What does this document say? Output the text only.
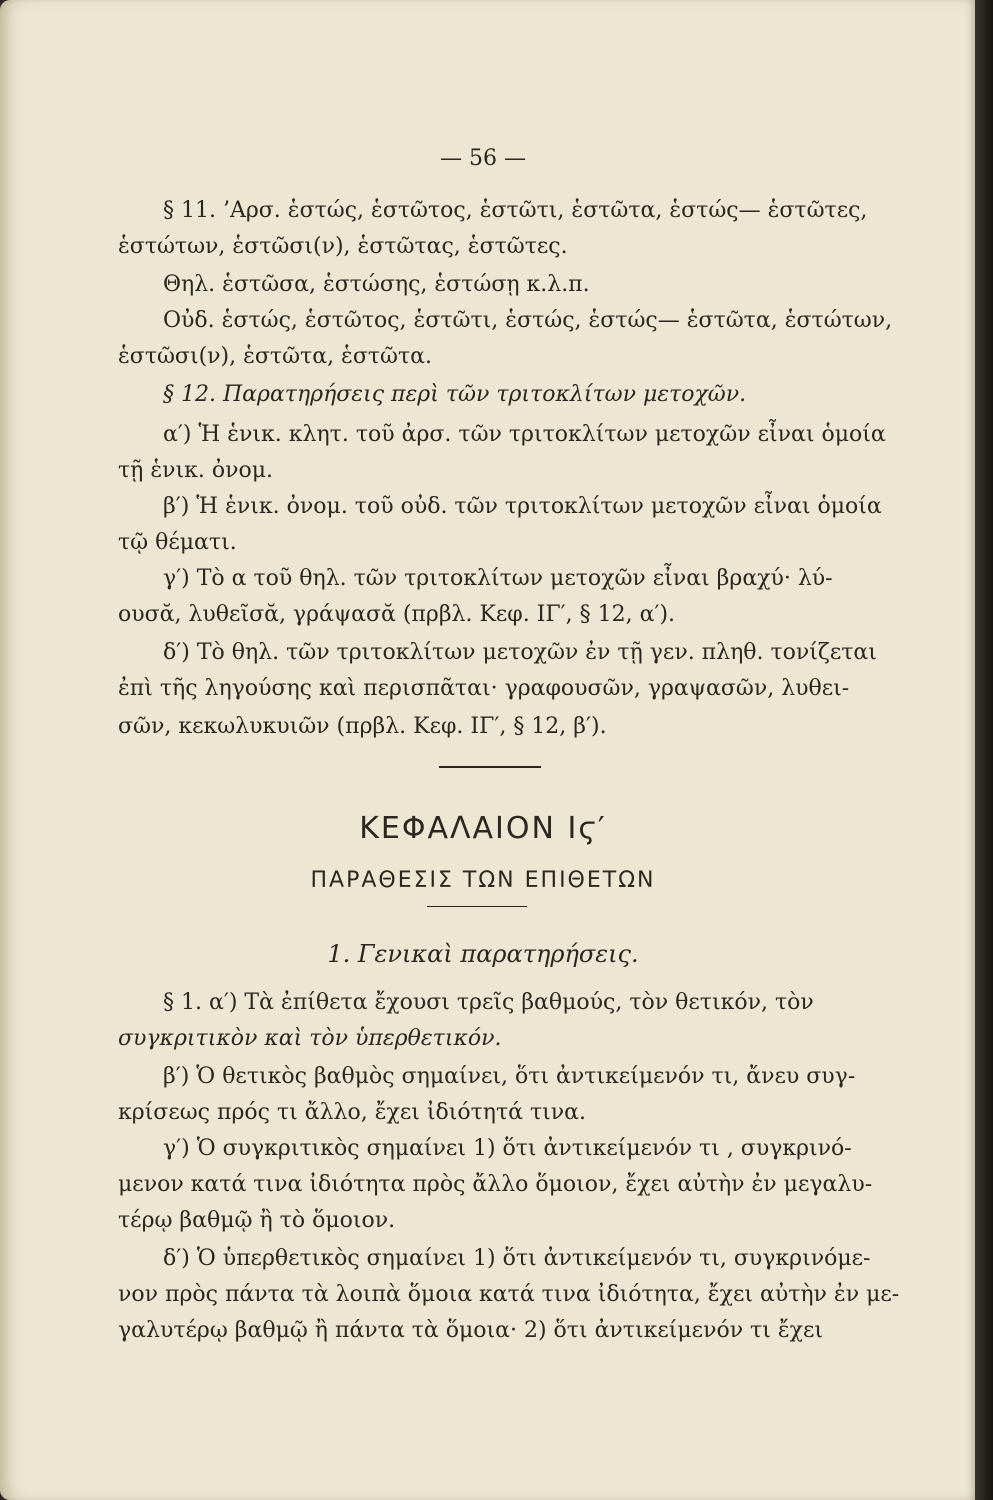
— 56 —
§ 11. ’Αρσ. ἑστώς, ἑστῶτος, ἑστῶτι, ἑστῶτα, ἑστώς— ἑστῶτες,
ἑστώτων, ἑστῶσι(ν), ἑστῶτας, ἑστῶτες.
Θηλ. ἑστῶσα, ἑστώσης, ἑστώσῃ κ.λ.π.
Οὐδ. ἑστώς, ἑστῶτος, ἑστῶτι, ἑστώς, ἑστώς— ἑστῶτα, ἑστώτων,
ἑστῶσι(ν), ἑστῶτα, ἑστῶτα.
§ 12. Παρατηρήσεις περὶ τῶν τριτοκλίτων μετοχῶν.
α′) Ἡ ἑνικ. κλητ. τοῦ ἀρσ. τῶν τριτοκλίτων μετοχῶν εἶναι ὁμοία
τῇ ἑνικ. ὀνομ.
β′) Ἡ ἑνικ. ὀνομ. τοῦ οὐδ. τῶν τριτοκλίτων μετοχῶν εἶναι ὁμοία
τῷ θέματι.
γ′) Τὸ α τοῦ θηλ. τῶν τριτοκλίτων μετοχῶν εἶναι βραχύ· λύ-
ουσᾰ, λυθεῖσᾰ, γράψασᾰ (πρβλ. Κεφ. ΙΓ′, § 12, α′).
δ′) Τὸ θηλ. τῶν τριτοκλίτων μετοχῶν ἐν τῇ γεν. πληθ. τονίζεται
ἐπὶ τῆς ληγούσης καὶ περισπᾶται· γραφουσῶν, γραψασῶν, λυθει-
σῶν, κεκωλυκυιῶν (πρβλ. Κεφ. ΙΓ′, § 12, β′).
ΚΕΦΑΛΑΙΟΝ Ιϛ′
ΠΑΡΑΘΕΣΙΣ ΤΩΝ ΕΠΙΘΕΤΩΝ
1. Γενικαὶ παρατηρήσεις.
§ 1. α′) Τὰ ἐπίθετα ἔχουσι τρεῖς βαθμούς, τὸν θετικόν, τὸν
συγκριτικὸν καὶ τὸν ὑπερθετικόν.
β′) Ὁ θετικὸς βαθμὸς σημαίνει, ὅτι ἀντικείμενόν τι, ἄνευ συγ-
κρίσεως πρός τι ἄλλο, ἔχει ἰδιότητά τινα.
γ′) Ὁ συγκριτικὸς σημαίνει 1) ὅτι ἀντικείμενόν τι , συγκρινό-
μενον κατά τινα ἰδιότητα πρὸς ἄλλο ὅμοιον, ἔχει αὐτὴν ἐν μεγαλυ-
τέρῳ βαθμῷ ἢ τὸ ὅμοιον.
δ′) Ὁ ὑπερθετικὸς σημαίνει 1) ὅτι ἀντικείμενόν τι, συγκρινόμε-
νον πρὸς πάντα τὰ λοιπὰ ὅμοια κατά τινα ἰδιότητα, ἔχει αὐτὴν ἐν με-
γαλυτέρῳ βαθμῷ ἢ πάντα τὰ ὅμοια· 2) ὅτι ἀντικείμενόν τι ἔχει
